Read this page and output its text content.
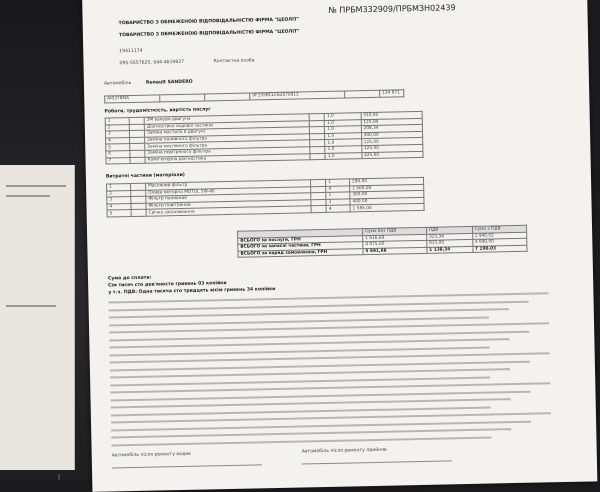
№ ПРБМ332909/ПРБМЗН02439
ТОВАРИСТВО З ОБМЕЖЕНОЮ ВІДПОВІДАЛЬНІСТЮ ФІРМА "ЦЕОЛІТ"
ТОВАРИСТВО З ОБМЕЖЕНОЮ ВІДПОВІДАЛЬНІСТЮ ФІРМА "ЦЕОЛІТ"
19411174
095-5557625, 044-4619827	Контактна особа
Автомобіль	Renault SANDERO
AI0378MA			VF15SRCLC62070912		134 871
Роботи, трудомісткість, вартість послуг
1		ЗМ вакуум двигуна		1,0	310,00
2		Діагностика ходової частини		1,0	125,00
3		Заміна мастила в двигуні		1,0	208,34
4		Заміна паливного фільтра		1,0	300,00
5		Заміна масляного фільтра		1,0	125,00
6		Заміна повітряного фільтра		1,0	125,00
7		Комп'ютерна діагностика		1,0	425,00
Витратні частини (матеріали)
1		Масляний фільтр		1	290,00
2		Олива моторна MOTUL 5W-40		4	1 500,00
3		Фільтр паливний		1	300,00
4		Фільтр повітряний		1	400,00
5		Свічка запалювання		4	1 585,00
	Сума без ПДВ	ПДВ	Сума з ПДВ
ВСЬОГО за послуги, ГРН	1 616,68	323,34	1 940,02
ВСЬОГО за запасні частини, ГРН	4 075,00	815,00	4 890,00
ВСЬОГО за наряд замовлення, ГРН	5 691,68	1 138,34	7 190,03
Сума до сплати:
Сім тисяч сто дев'яносто гривень 03 копійки
у т.ч. ПДВ: Одна тисяча сто тридцять вісім гривень 34 копійки
Автомобіль після ремонту видав
Автомобіль після ремонту прийняв
